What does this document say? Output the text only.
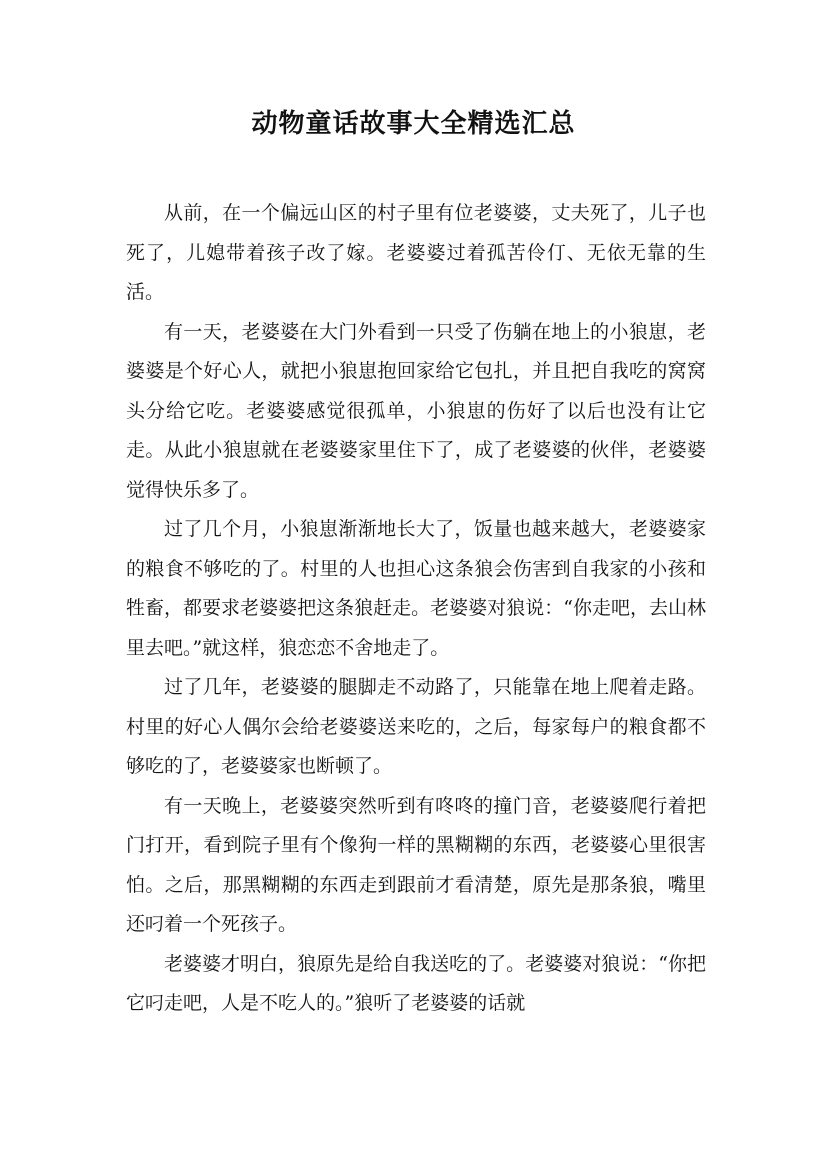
动物童话故事大全精选汇总

从前，在一个偏远山区的村子里有位老婆婆，丈夫死了，儿子也死了，儿媳带着孩子改了嫁。老婆婆过着孤苦伶仃、无依无靠的生活。

有一天，老婆婆在大门外看到一只受了伤躺在地上的小狼崽，老婆婆是个好心人，就把小狼崽抱回家给它包扎，并且把自我吃的窝窝头分给它吃。老婆婆感觉很孤单，小狼崽的伤好了以后也没有让它走。从此小狼崽就在老婆婆家里住下了，成了老婆婆的伙伴，老婆婆觉得快乐多了。

过了几个月，小狼崽渐渐地长大了，饭量也越来越大，老婆婆家的粮食不够吃的了。村里的人也担心这条狼会伤害到自我家的小孩和牲畜，都要求老婆婆把这条狼赶走。老婆婆对狼说：“你走吧，去山林里去吧。”就这样，狼恋恋不舍地走了。

过了几年，老婆婆的腿脚走不动路了，只能靠在地上爬着走路。村里的好心人偶尔会给老婆婆送来吃的，之后，每家每户的粮食都不够吃的了，老婆婆家也断顿了。

有一天晚上，老婆婆突然听到有咚咚的撞门音，老婆婆爬行着把门打开，看到院子里有个像狗一样的黑糊糊的东西，老婆婆心里很害怕。之后，那黑糊糊的东西走到跟前才看清楚，原先是那条狼，嘴里还叼着一个死孩子。

老婆婆才明白，狼原先是给自我送吃的了。老婆婆对狼说：“你把它叼走吧，人是不吃人的。”狼听了老婆婆的话就
